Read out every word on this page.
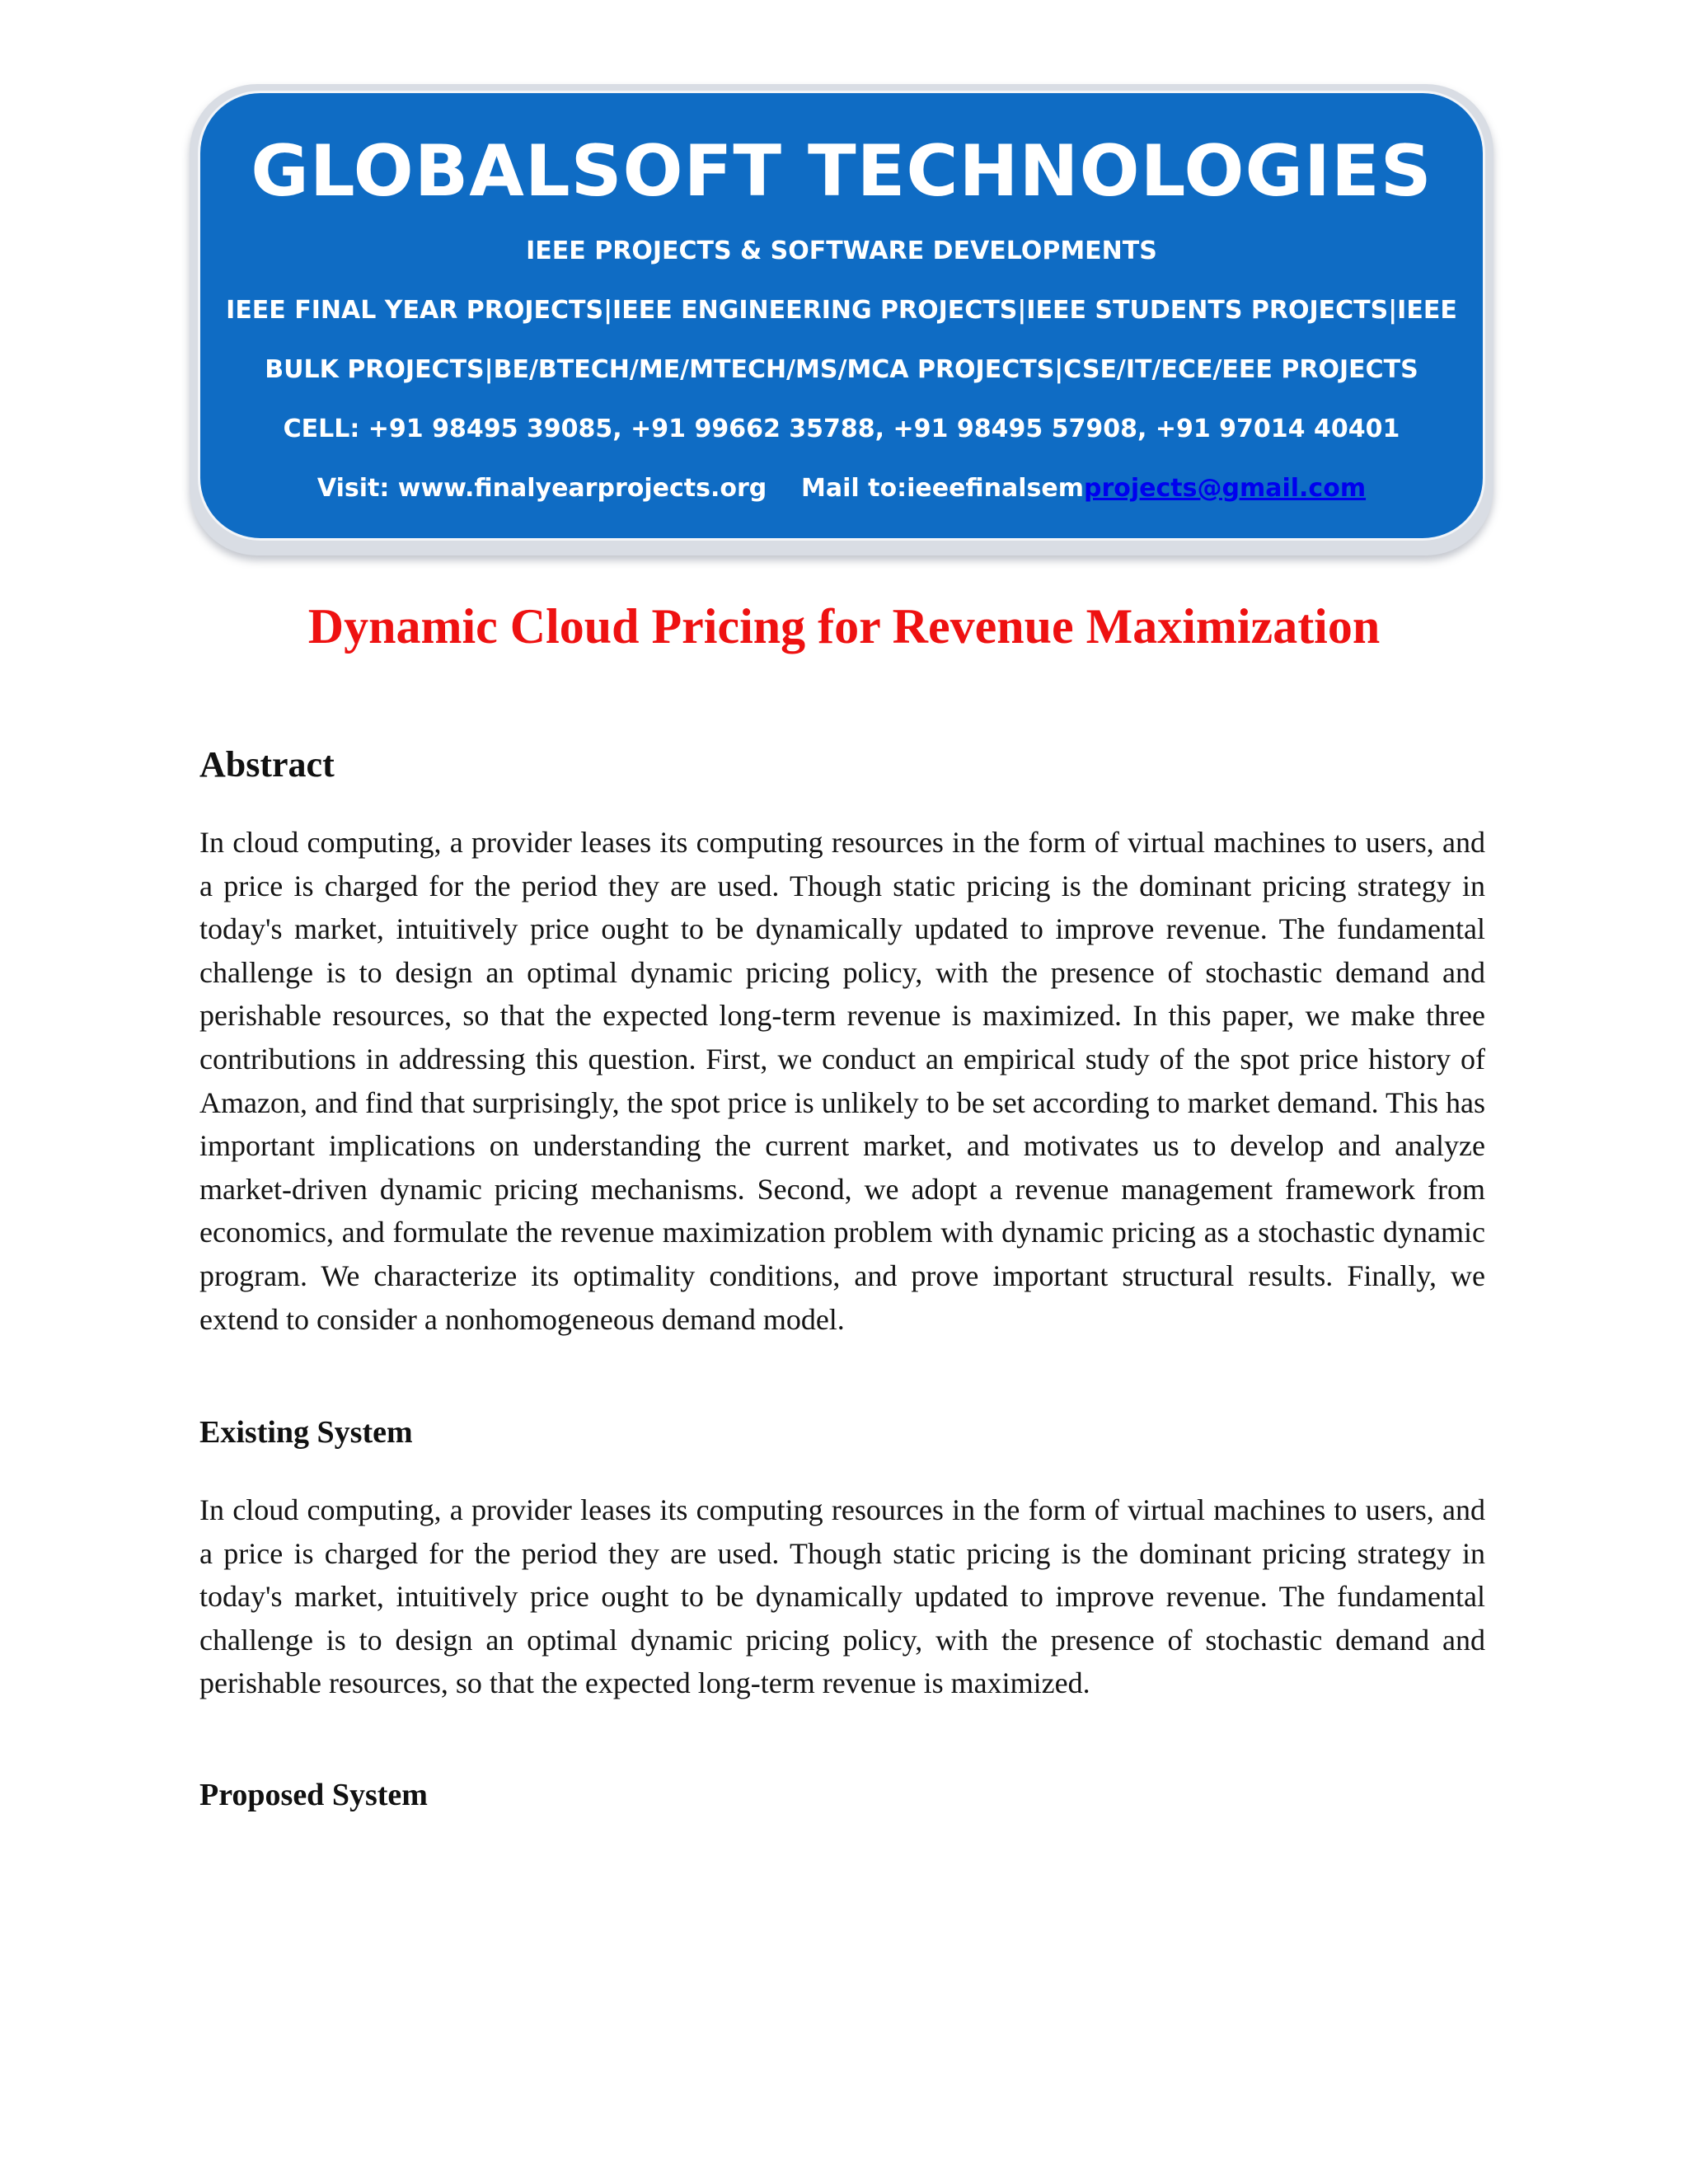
GLOBALSOFT TECHNOLOGIES
IEEE PROJECTS & SOFTWARE DEVELOPMENTS
IEEE FINAL YEAR PROJECTS|IEEE ENGINEERING PROJECTS|IEEE STUDENTS PROJECTS|IEEE
BULK PROJECTS|BE/BTECH/ME/MTECH/MS/MCA PROJECTS|CSE/IT/ECE/EEE PROJECTS
CELL: +91 98495 39085, +91 99662 35788, +91 98495 57908, +91 97014 40401
Visit: www.finalyearprojects.org Mail to:ieeefinalsemprojects@gmail.com
Dynamic Cloud Pricing for Revenue Maximization
Abstract
In cloud computing, a provider leases its computing resources in the form of virtual machines to users, and a price is charged for the period they are used. Though static pricing is the dominant pricing strategy in today's market, intuitively price ought to be dynamically updated to improve revenue. The fundamental challenge is to design an optimal dynamic pricing policy, with the presence of stochastic demand and perishable resources, so that the expected long-term revenue is maximized. In this paper, we make three contributions in addressing this question. First, we conduct an empirical study of the spot price history of Amazon, and find that surprisingly, the spot price is unlikely to be set according to market demand. This has important implications on understanding the current market, and motivates us to develop and analyze market-driven dynamic pricing mechanisms. Second, we adopt a revenue management framework from economics, and formulate the revenue maximization problem with dynamic pricing as a stochastic dynamic program. We characterize its optimality conditions, and prove important structural results. Finally, we extend to consider a nonhomogeneous demand model.
Existing System
In cloud computing, a provider leases its computing resources in the form of virtual machines to users, and a price is charged for the period they are used. Though static pricing is the dominant pricing strategy in today's market, intuitively price ought to be dynamically updated to improve revenue. The fundamental challenge is to design an optimal dynamic pricing policy, with the presence of stochastic demand and perishable resources, so that the expected long-term revenue is maximized.
Proposed System
